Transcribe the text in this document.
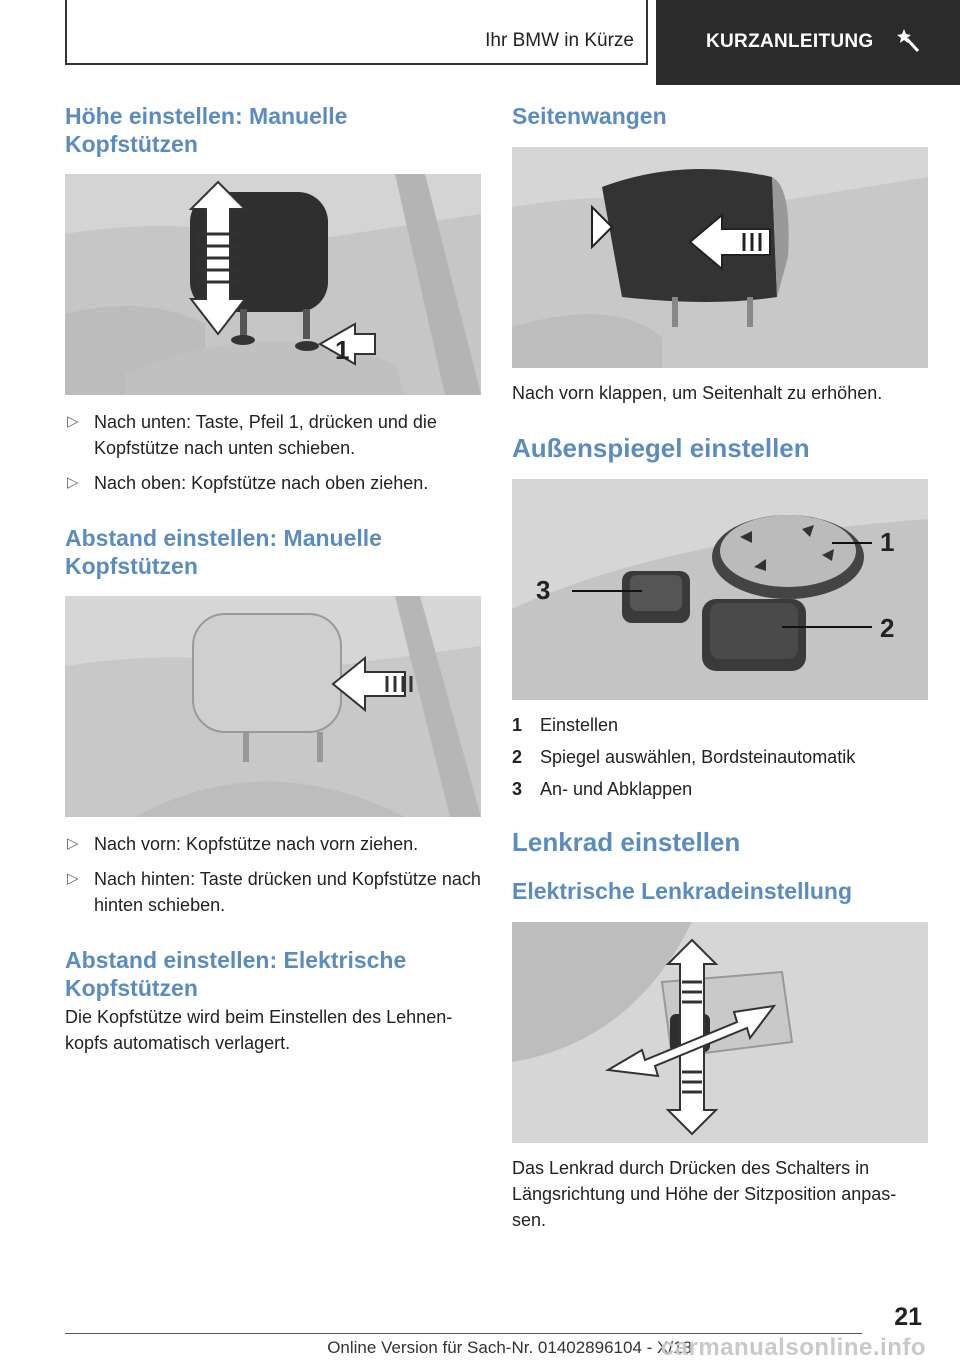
Ihr BMW in Kürze	KURZANLEITUNG
Höhe einstellen: Manuelle Kopfstützen
1
▷ Nach unten: Taste, Pfeil 1, drücken und die Kopfstütze nach unten schieben.
▷ Nach oben: Kopfstütze nach oben ziehen.
Abstand einstellen: Manuelle Kopfstützen
▷ Nach vorn: Kopfstütze nach vorn ziehen.
▷ Nach hinten: Taste drücken und Kopfstütze nach hinten schieben.
Abstand einstellen: Elektrische Kopfstützen

Die Kopfstütze wird beim Einstellen des Lehnen-kopfs automatisch verlagert.

Seitenwangen

Nach vorn klappen, um Seitenhalt zu erhöhen.

Außenspiegel einstellen
1
2
3
1 Einstellen
2 Spiegel auswählen, Bordsteinautomatik
3 An- und Abklappen
Lenkrad einstellen
Elektrische Lenkradeinstellung

Das Lenkrad durch Drücken des Schalters in Längsrichtung und Höhe der Sitzposition anpas-sen.

21
Online Version für Sach-Nr. 01402896104 - X/18
carmanualsonline.info
